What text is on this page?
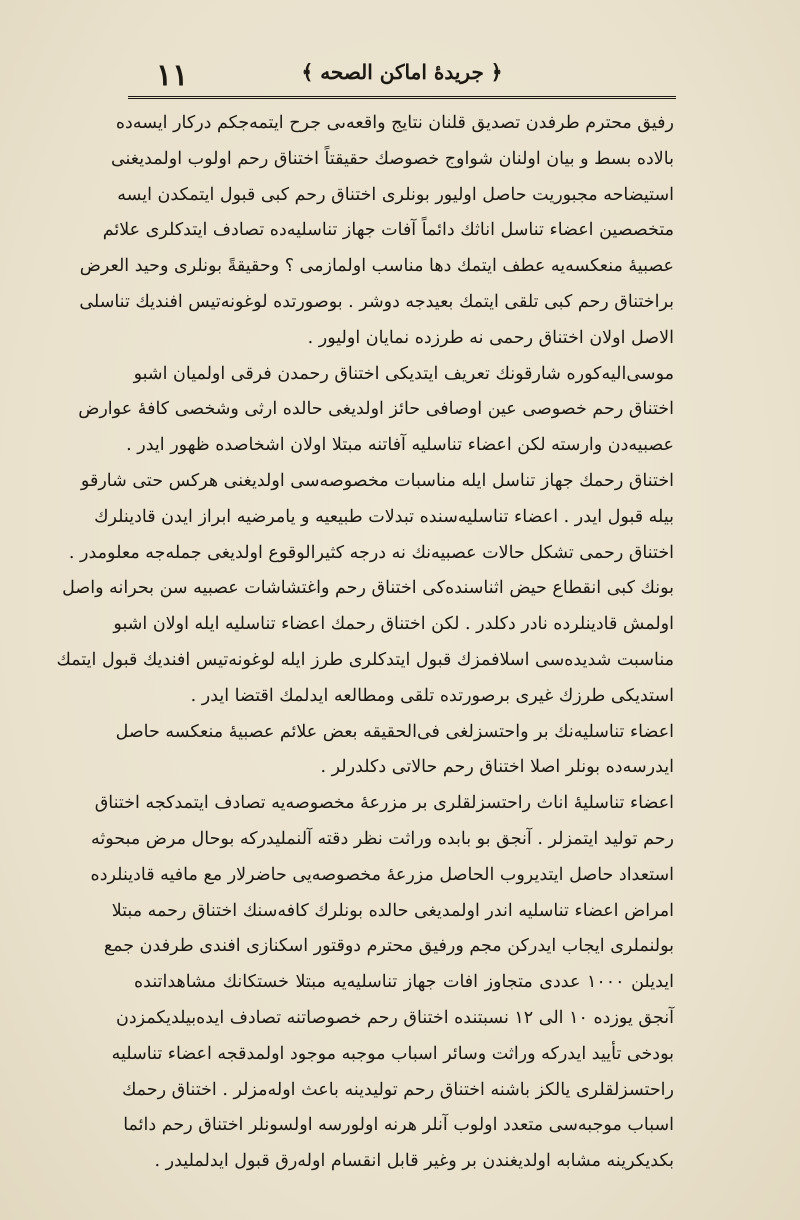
١١	﴿ جريدۀ اماکن الصحه ﴾
رفيق محترم طرفدن تصديق قلنان نتايج واقعه‌ىى جرح ايتمه‌جكم دركار ايسه‌ده
بالاده بسط و بيان اولنان شواوج خصوصك حقيقتاً اختناق رحم اولوب اولمديغنى
استيضاحه مجبوريت حاصل اوليور بونلرى اختناق رحم كبى قبول ايتمكدن ايسه
متخصصين اعضاء تناسل اناثك دائماً آفات جهاز تناسليه‌ده تصادف ايتدكلرى علائم
عصبيۀ منعكسه‌يه عطف ايتمك دها مناسب اولمازمى ؟ وحقيقةً بونلرى وحيد العرض
براختناق رحم كبى تلقى ايتمك بعيدجه دوشر . بوصورتده لوغونه‌تيس افنديك تناسلى
الاصل اولان اختناق رحمى نه طرزده نمايان اوليور .
موسى‌اليه‌كوره شارقونك تعريف ايتديكى اختناق رحمدن فرقى اولميان اشبو
اختناق رحم خصوصى عين اوصافى حائز اولديغى حالده ارثى وشخصى كافۀ عوارض
عصبيه‌دن وارسته لكن اعضاء تناسليه آفاتنه مبتلا اولان اشخاصده ظهور ايدر .
اختناق رحمك جهاز تناسل ايله مناسبات مخصوصه‌سى اولديغنى هركس حتى شارقو
بيله قبول ايدر . اعضاء تناسليه‌سنده تبدلات طبيعيه و يامرضيه ابراز ايدن قادينلرك
اختناق رحمى تشكل حالات عصبيه‌نك نه درجه كثيرالوقوع اولديغى جمله‌جه معلومدر .
بونك كبى انقطاع حيض اثناسنده‌كى اختناق رحم واغتشاشات عصبيه سن بحرانه واصل
اولمش قادينلرده نادر دكلدر . لكن اختناق رحمك اعضاء تناسليه ايله اولان اشبو
مناسبت شديده‌سى اسلافمزك قبول ايتدكلرى طرز ايله لوغونه‌تيس افنديك قبول ايتمك
استديكى طرزك غيرى برصورتده تلقى ومطالعه ايدلمك اقتضا ايدر .
اعضاء تناسليه‌نك بر واحتسزلغى فى‌الحقيقه بعض علائم عصبيۀ منعكسه حاصل
ايدرسه‌ده بونلر اصلا اختناق رحم حالاتى دكلدرلر .
اعضاء تناسليۀ اناث راحتسزلقلرى بر مزرعۀ مخصوصه‌يه تصادف ايتمدكجه اختناق
رحم توليد ايتمزلر . آنجق بو بابده وراثت نظر دقته آلنمليدركه بوحال مرض مبحوثه
استعداد حاصل ايتديروب الحاصل مزرعۀ مخصوصه‌يى حاضرلار مع مافيه قادينلرده
امراض اعضاء تناسليه اندر اولمديغى حالده بونلرك كافه‌سنك اختناق رحمه مبتلا
بولنملرى ايجاب ايدركن مجم ورفيق محترم دوقتور اسكنازى افندى طرفدن جمع
ايديلن ١٠٠٠ عددى متجاوز افات جهاز تناسليه‌يه مبتلا خستكانك مشاهداتنده
آنجق يوزده ١٠ الى ١٢ نسبتنده اختناق رحم خصوصاتنه تصادف ايده‌بيلديكمزدن
بودخى تأييد ايدركه وراثت وسائر اسباب موجبه موجود اولمدقجه اعضاء تناسليه
راحتسزلقلرى يالكز باشنه اختناق رحم توليدينه باعث اوله‌مزلر . اختناق رحمك
اسباب موجبه‌سى متعدد اولوب آنلر هرنه اولورسه اولسونلر اختناق رحم دائما
بكديكرينه مشابه اولديغندن بر وغير قابل انقسام اوله‌رق قبول ايدلمليدر .
